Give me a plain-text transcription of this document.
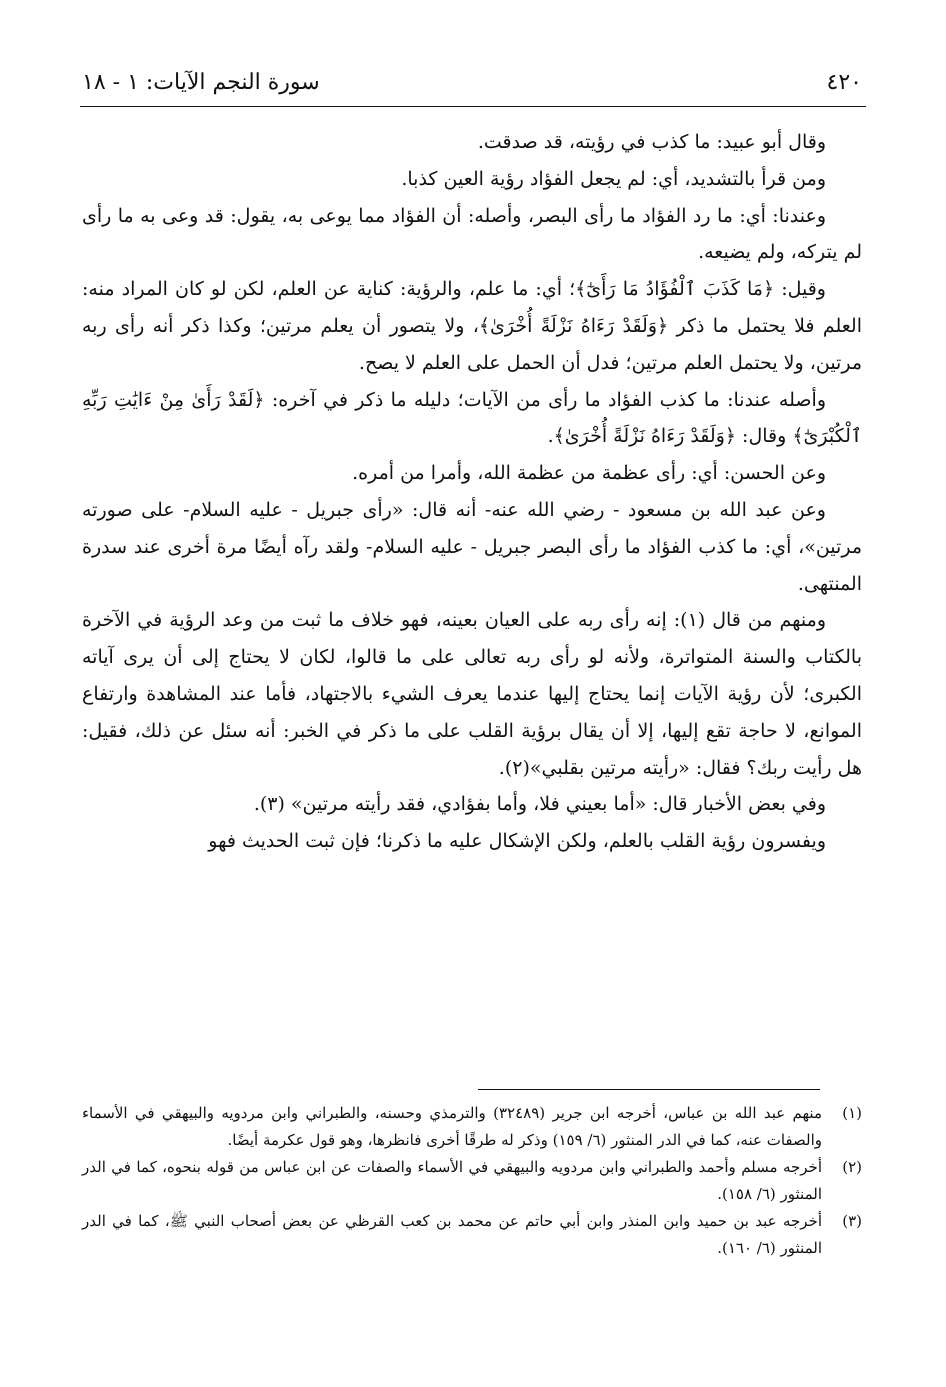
٤٢٠
سورة النجم الآيات: ١ - ١٨

وقال أبو عبيد: ما كذب في رؤيته، قد صدقت.

ومن قرأ بالتشديد، أي: لم يجعل الفؤاد رؤية العين كذبا.

وعندنا: أي: ما رد الفؤاد ما رأى البصر، وأصله: أن الفؤاد مما يوعى به، يقول: قد وعى به ما رأى لم يتركه، ولم يضيعه.

وقيل: ﴿مَا كَذَبَ ٱلْفُؤَادُ مَا رَأَىٰٓ﴾؛ أي: ما علم، والرؤية: كناية عن العلم، لكن لو كان المراد منه: العلم فلا يحتمل ما ذكر ﴿وَلَقَدْ رَءَاهُ نَزْلَةً أُخْرَىٰ﴾، ولا يتصور أن يعلم مرتين؛ وكذا ذكر أنه رأى ربه مرتين، ولا يحتمل العلم مرتين؛ فدل أن الحمل على العلم لا يصح.

وأصله عندنا: ما كذب الفؤاد ما رأى من الآيات؛ دليله ما ذكر في آخره: ﴿لَقَدْ رَأَىٰ مِنْ ءَايَٰتِ رَبِّهِ ٱلْكُبْرَىٰٓ﴾ وقال: ﴿وَلَقَدْ رَءَاهُ نَزْلَةً أُخْرَىٰ﴾.

وعن الحسن: أي: رأى عظمة من عظمة الله، وأمرا من أمره.

وعن عبد الله بن مسعود - رضي الله عنه- أنه قال: «رأى جبريل - عليه السلام- على صورته مرتين»، أي: ما كذب الفؤاد ما رأى البصر جبريل - عليه السلام- ولقد رآه أيضًا مرة أخرى عند سدرة المنتهى.

ومنهم من قال (١): إنه رأى ربه على العيان بعينه، فهو خلاف ما ثبت من وعد الرؤية في الآخرة بالكتاب والسنة المتواترة، ولأنه لو رأى ربه تعالى على ما قالوا، لكان لا يحتاج إلى أن يرى آياته الكبرى؛ لأن رؤية الآيات إنما يحتاج إليها عندما يعرف الشيء بالاجتهاد، فأما عند المشاهدة وارتفاع الموانع، لا حاجة تقع إليها، إلا أن يقال برؤية القلب على ما ذكر في الخبر: أنه سئل عن ذلك، فقيل: هل رأيت ربك؟ فقال: «رأيته مرتين بقلبي»(٢).

وفي بعض الأخبار قال: «أما بعيني فلا، وأما بفؤادي، فقد رأيته مرتين» (٣).

ويفسرون رؤية القلب بالعلم، ولكن الإشكال عليه ما ذكرنا؛ فإن ثبت الحديث فهو

(١)
منهم عبد الله بن عباس، أخرجه ابن جرير (٣٢٤٨٩) والترمذي وحسنه، والطبراني وابن مردويه والبيهقي في الأسماء والصفات عنه، كما في الدر المنثور (٦/ ١٥٩) وذكر له طرقًا أخرى فانظرها، وهو قول عكرمة أيضًا.
(٢)
أخرجه مسلم وأحمد والطبراني وابن مردويه والبيهقي في الأسماء والصفات عن ابن عباس من قوله بنحوه، كما في الدر المنثور (٦/ ١٥٨).
(٣)
أخرجه عبد بن حميد وابن المنذر وابن أبي حاتم عن محمد بن كعب القرظي عن بعض أصحاب النبي ﷺ، كما في الدر المنثور (٦/ ١٦٠).
